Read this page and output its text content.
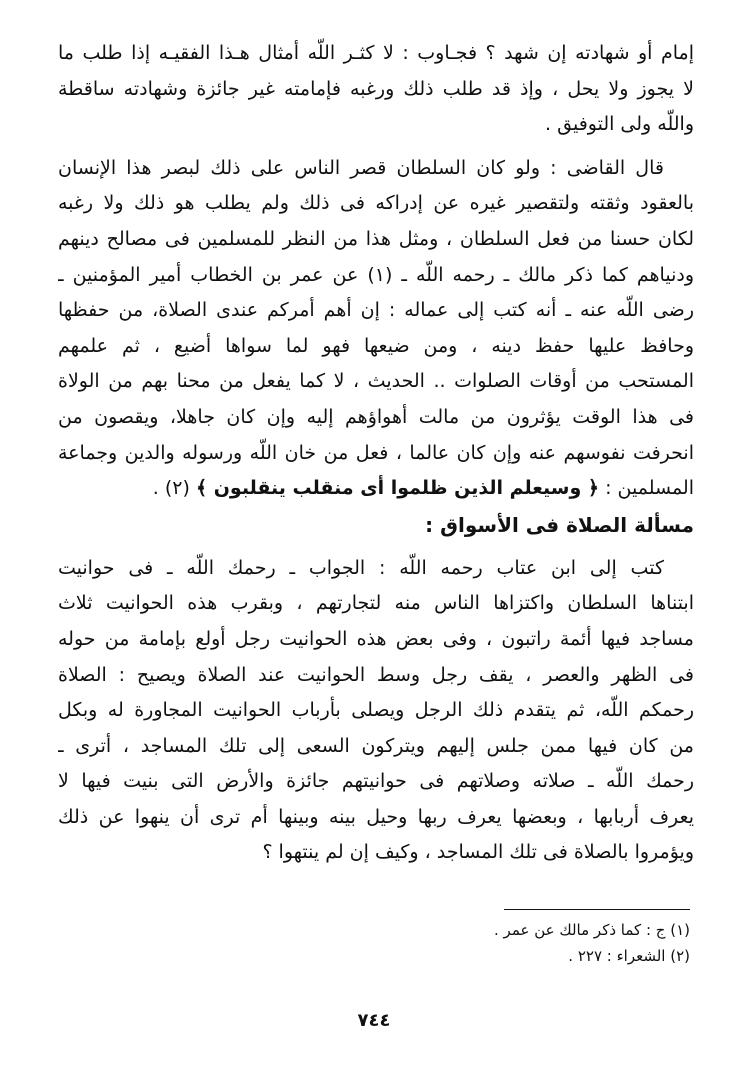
إمام أو شهادته إن شهد ؟ فجـاوب : لا كثـر اللّه أمثال هـذا الفقيـه إذا طلب ما
لا يجوز ولا يحل ، وإذ قد طلب ذلك ورغبه فإمامته غير جائزة وشهادته ساقطة
واللّه ولى التوفيق .

قال القاضى : ولو كان السلطان قصر الناس على ذلك لبصر هذا الإنسان
بالعقود وثقته ولتقصير غيره عن إدراكه فى ذلك ولم يطلب هو ذلك ولا رغبه
لكان حسنا من فعل السلطان ، ومثل هذا من النظر للمسلمين فى مصالح دينهم
ودنياهم كما ذكر مالك ـ رحمه اللّه ـ (١) عن عمر بن الخطاب أمير المؤمنين ـ
رضى اللّه عنه ـ أنه كتب إلى عماله : إن أهم أمركم عندى الصلاة، من حفظها
وحافظ عليها حفظ دينه ، ومن ضيعها فهو لما سواها أضيع ، ثم علمهم
المستحب من أوقات الصلوات .. الحديث ، لا كما يفعل من محنا بهم من الولاة
فى هذا الوقت يؤثرون من مالت أهواؤهم إليه وإن كان جاهلا، ويقصون من
انحرفت نفوسهم عنه وإن كان عالما ، فعل من خان اللّه ورسوله والدين وجماعة
المسلمين : ﴿ وسيعلم الذين ظلموا أى منقلب ينقلبون ﴾ (٢) .

مسألة الصلاة فى الأسواق :

كتب إلى ابن عتاب رحمه اللّه : الجواب ـ رحمك اللّه ـ فى حوانيت
ابتناها السلطان واكتزاها الناس منه لتجارتهم ، وبقرب هذه الحوانيت ثلاث
مساجد فيها أئمة راتبون ، وفى بعض هذه الحوانيت رجل أولع بإمامة من حوله
فى الظهر والعصر ، يقف رجل وسط الحوانيت عند الصلاة ويصيح : الصلاة
رحمكم اللّه، ثم يتقدم ذلك الرجل ويصلى بأرباب الحوانيت المجاورة له وبكل
من كان فيها ممن جلس إليهم ويتركون السعى إلى تلك المساجد ، أترى ـ
رحمك اللّه ـ صلاته وصلاتهم فى حوانيتهم جائزة والأرض التى بنيت فيها لا
يعرف أربابها ، وبعضها يعرف ربها وحيل بينه وبينها أم ترى أن ينهوا عن ذلك
ويؤمروا بالصلاة فى تلك المساجد ، وكيف إن لم ينتهوا ؟

(١) ج : كما ذكر مالك عن عمر .
(٢) الشعراء : ٢٢٧ .
٧٤٤
